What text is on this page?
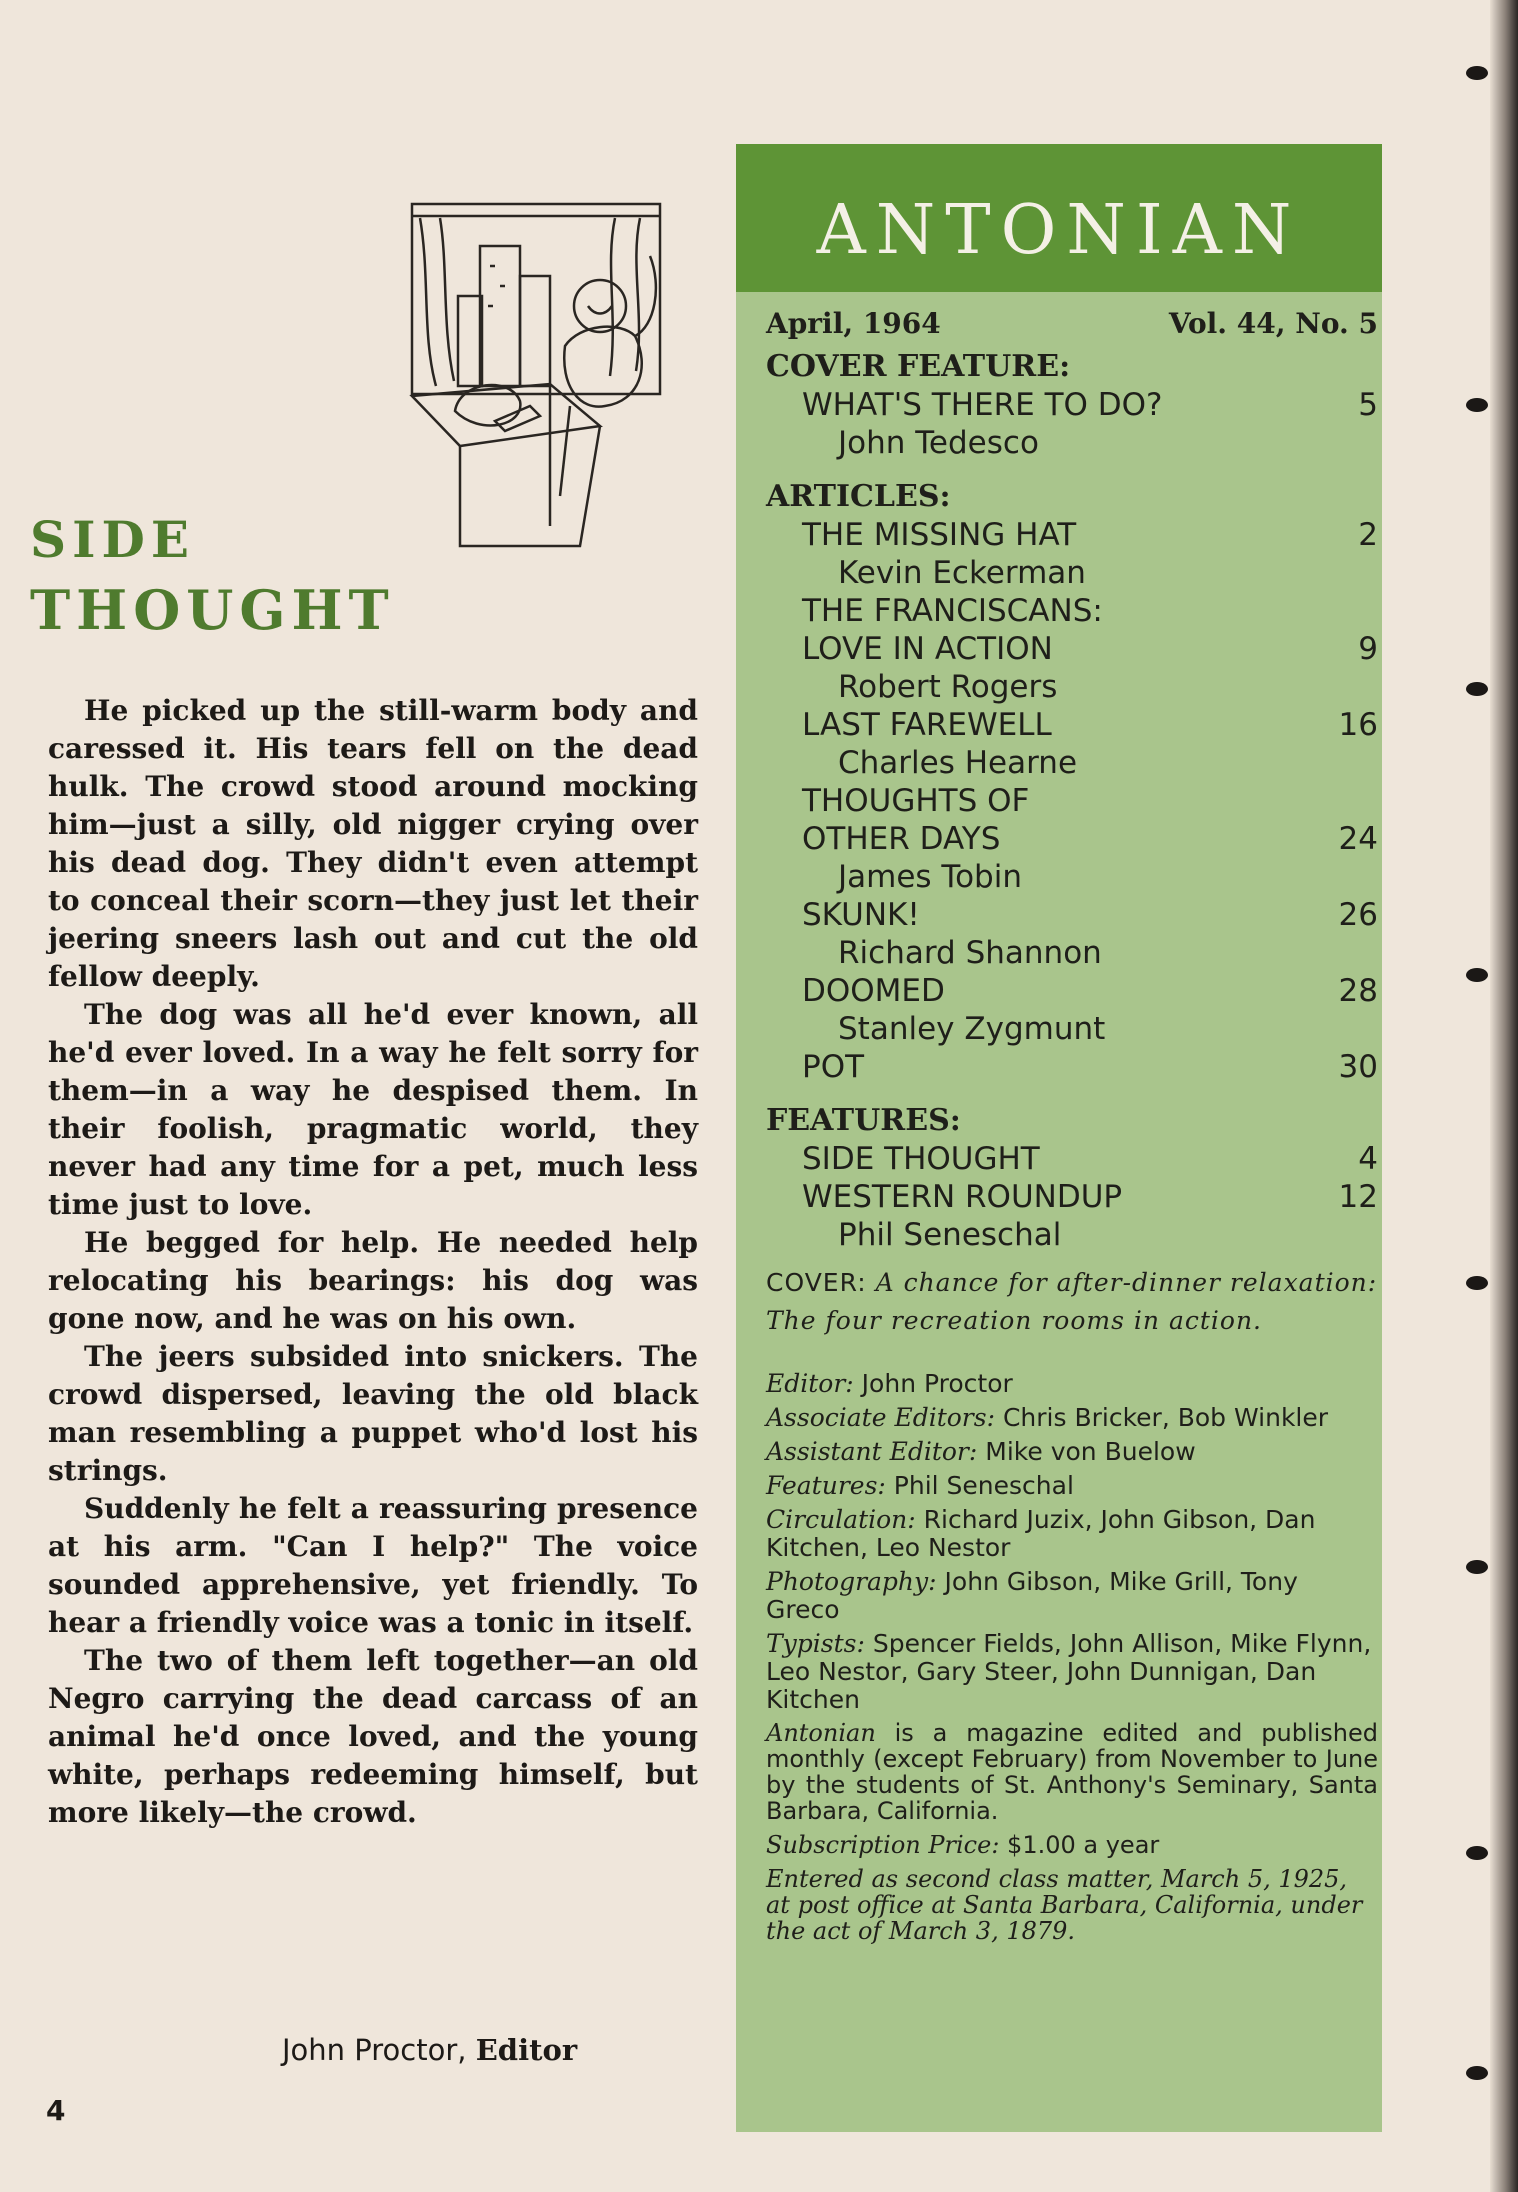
SIDE
THOUGHT

He picked up the still-warm body and caressed it. His tears fell on the dead hulk. The crowd stood around mocking him—just a silly, old nigger crying over his dead dog. They didn't even attempt to conceal their scorn—they just let their jeering sneers lash out and cut the old fellow deeply.

The dog was all he'd ever known, all he'd ever loved. In a way he felt sorry for them—in a way he despised them. In their foolish, pragmatic world, they never had any time for a pet, much less time just to love.

He begged for help. He needed help relocating his bearings: his dog was gone now, and he was on his own.

The jeers subsided into snickers. The crowd dispersed, leaving the old black man resembling a puppet who'd lost his strings.

Suddenly he felt a reassuring presence at his arm. "Can I help?" The voice sounded apprehensive, yet friendly. To hear a friendly voice was a tonic in itself.

The two of them left together—an old Negro carrying the dead carcass of an animal he'd once loved, and the young white, perhaps redeeming himself, but more likely—the crowd.

John Proctor, Editor
4
ANTONIAN
April, 1964	Vol. 44, No. 5
COVER FEATURE:
WHAT'S THERE TO DO?	5
John Tedesco
ARTICLES:
THE MISSING HAT	2
Kevin Eckerman
THE FRANCISCANS:
LOVE IN ACTION	9
Robert Rogers
LAST FAREWELL	16
Charles Hearne
THOUGHTS OF
OTHER DAYS	24
James Tobin
SKUNK!	26
Richard Shannon
DOOMED	28
Stanley Zygmunt
POT	30
FEATURES:
SIDE THOUGHT	4
WESTERN ROUNDUP	12
Phil Seneschal
COVER: A chance for after-dinner relaxation: The four recreation rooms in action.
Editor: John Proctor
Associate Editors: Chris Bricker, Bob Winkler
Assistant Editor: Mike von Buelow
Features: Phil Seneschal
Circulation: Richard Juzix, John Gibson, Dan Kitchen, Leo Nestor
Photography: John Gibson, Mike Grill, Tony Greco
Typists: Spencer Fields, John Allison, Mike Flynn, Leo Nestor, Gary Steer, John Dunnigan, Dan Kitchen
Antonian is a magazine edited and published monthly (except February) from November to June by the students of St. Anthony's Seminary, Santa Barbara, California.
Subscription Price: $1.00 a year
Entered as second class matter, March 5, 1925, at post office at Santa Barbara, California, under the act of March 3, 1879.
